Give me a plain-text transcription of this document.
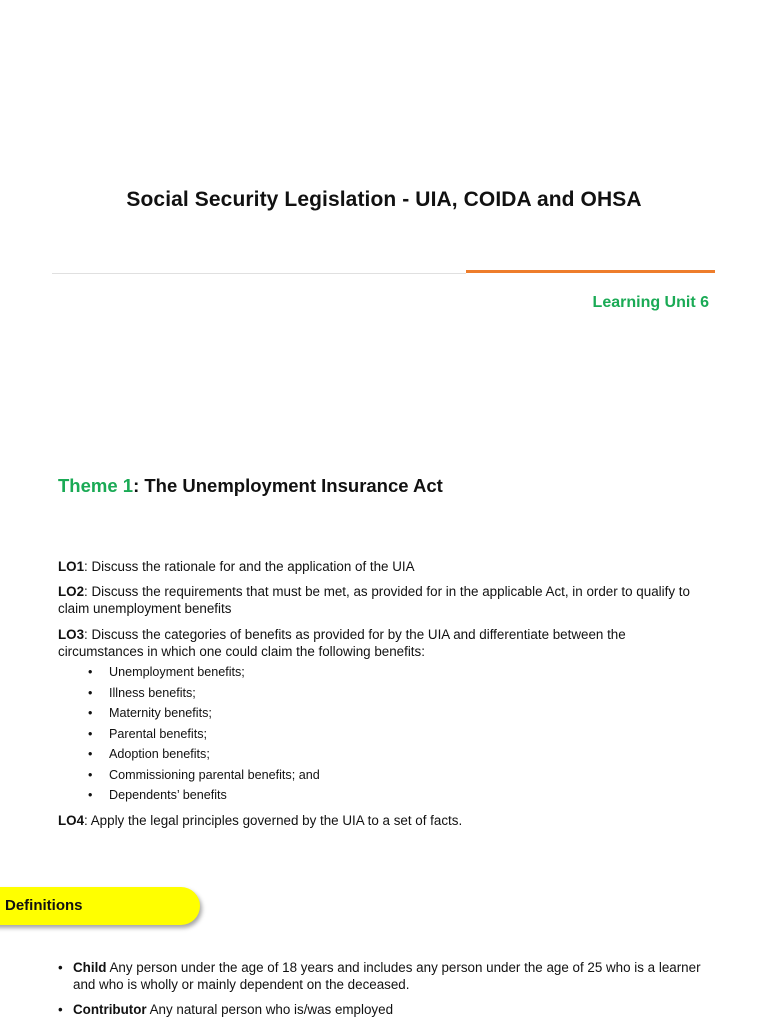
Social Security Legislation - UIA, COIDA and OHSA
Learning Unit 6
Theme 1: The Unemployment Insurance Act
LO1: Discuss the rationale for and the application of the UIA
LO2: Discuss the requirements that must be met, as provided for in the applicable Act, in order to qualify to claim unemployment benefits
LO3: Discuss the categories of benefits as provided for by the UIA and differentiate between the circumstances in which one could claim the following benefits:
• Unemployment benefits;
• Illness benefits;
• Maternity benefits;
• Parental benefits;
• Adoption benefits;
• Commissioning parental benefits; and
• Dependents’ benefits
LO4: Apply the legal principles governed by the UIA to a set of facts.
Definitions
• Child Any person under the age of 18 years and includes any person under the age of 25 who is a learner and who is wholly or mainly dependent on the deceased.
• Contributor Any natural person who is/was employed
